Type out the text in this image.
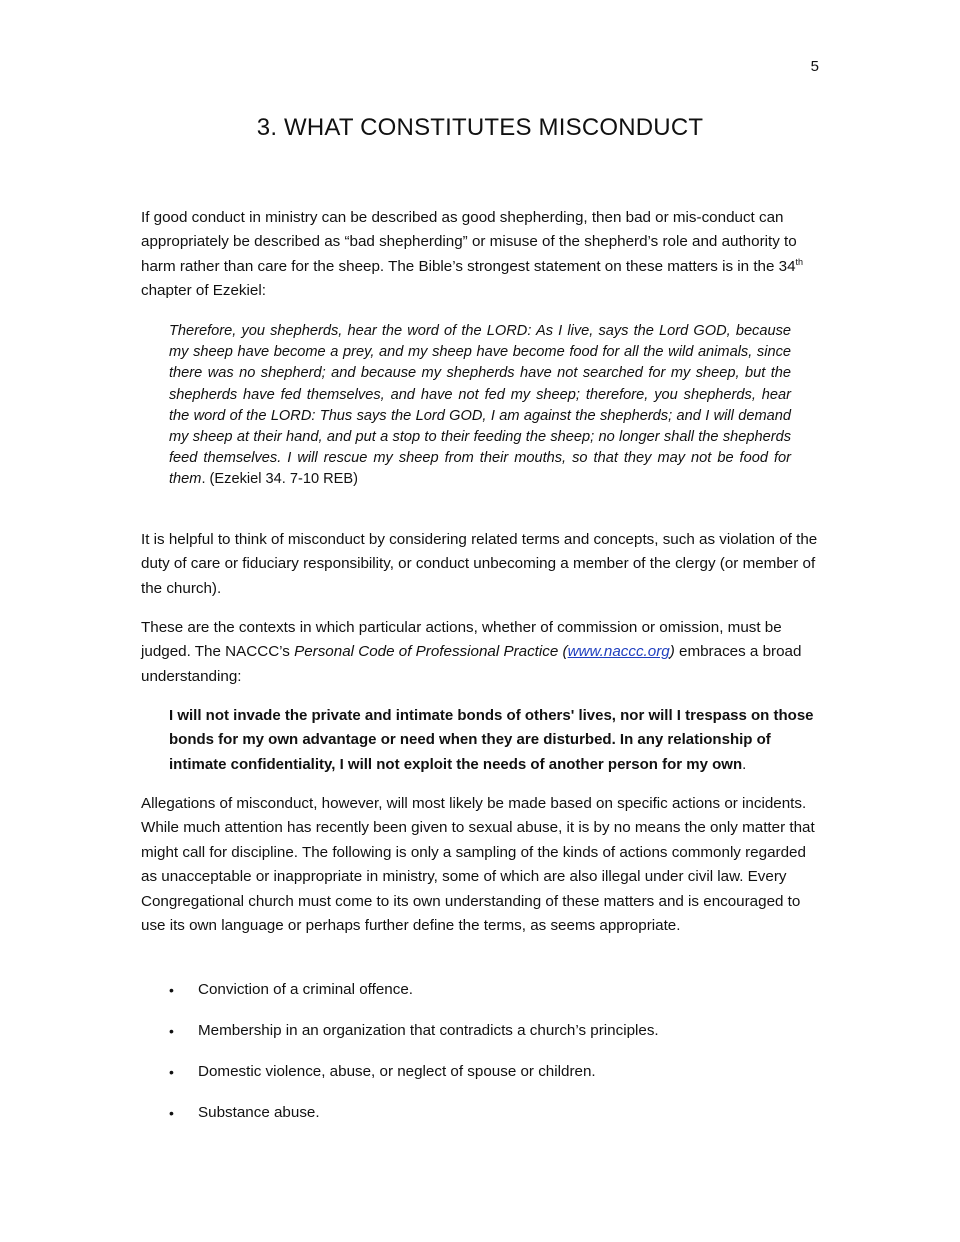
5
3. WHAT CONSTITUTES MISCONDUCT

If good conduct in ministry can be described as good shepherding, then bad or mis-conduct can appropriately be described as “bad shepherding” or misuse of the shepherd’s role and authority to harm rather than care for the sheep. The Bible’s strongest statement on these matters is in the 34th chapter of Ezekiel:

Therefore, you shepherds, hear the word of the LORD: As I live, says the Lord GOD, because my sheep have become a prey, and my sheep have become food for all the wild animals, since there was no shepherd; and because my shepherds have not searched for my sheep, but the shepherds have fed themselves, and have not fed my sheep; therefore, you shepherds, hear the word of the LORD: Thus says the Lord GOD, I am against the shepherds; and I will demand my sheep at their hand, and put a stop to their feeding the sheep; no longer shall the shepherds feed themselves. I will rescue my sheep from their mouths, so that they may not be food for them. (Ezekiel 34. 7-10 REB)

It is helpful to think of misconduct by considering related terms and concepts, such as violation of the duty of care or fiduciary responsibility, or conduct unbecoming a member of the clergy (or member of the church).

These are the contexts in which particular actions, whether of commission or omission, must be judged. The NACCC’s Personal Code of Professional Practice (www.naccc.org) embraces a broad understanding:

I will not invade the private and intimate bonds of others' lives, nor will I trespass on those bonds for my own advantage or need when they are disturbed. In any relationship of intimate confidentiality, I will not exploit the needs of another person for my own.

Allegations of misconduct, however, will most likely be made based on specific actions or incidents. While much attention has recently been given to sexual abuse, it is by no means the only matter that might call for discipline. The following is only a sampling of the kinds of actions commonly regarded as unacceptable or inappropriate in ministry, some of which are also illegal under civil law. Every Congregational church must come to its own understanding of these matters and is encouraged to use its own language or perhaps further define the terms, as seems appropriate.

• Conviction of a criminal offence.
• Membership in an organization that contradicts a church’s principles.
• Domestic violence, abuse, or neglect of spouse or children.
• Substance abuse.
